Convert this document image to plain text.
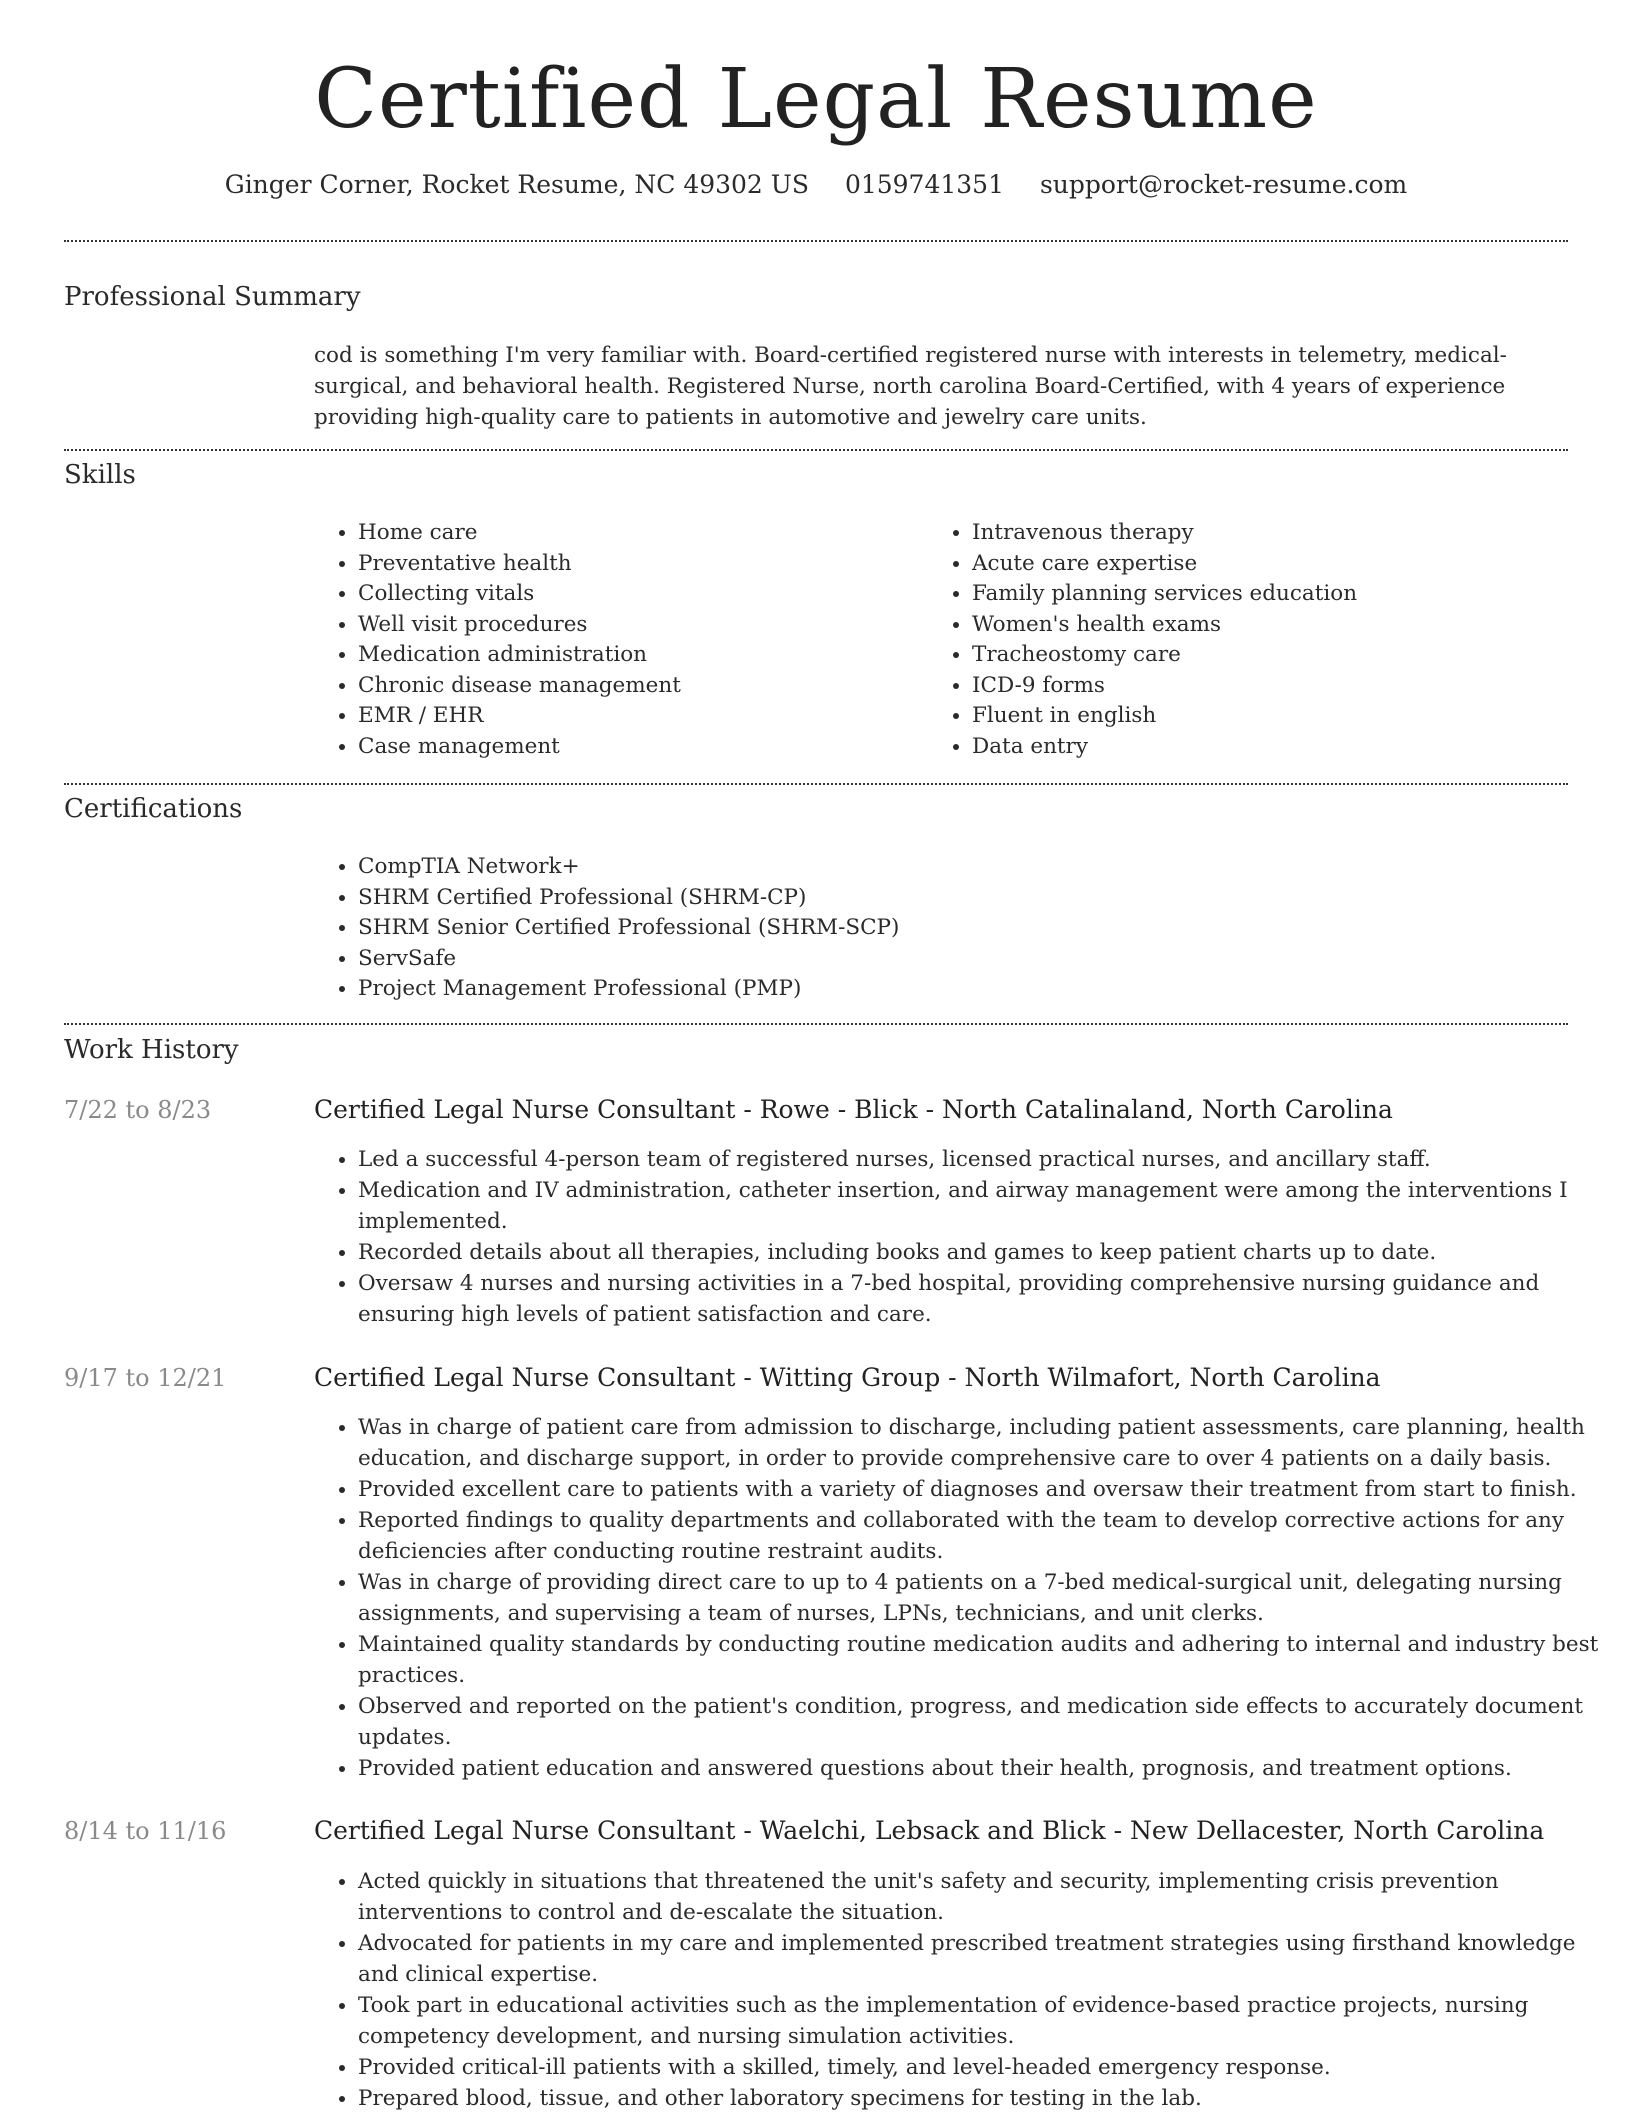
Certified Legal Resume
Ginger Corner, Rocket Resume, NC 49302 US 0159741351 support@rocket-resume.com
Professional Summary

cod is something I'm very familiar with. Board-certified registered nurse with interests in telemetry, medical-surgical, and behavioral health. Registered Nurse, north carolina Board-Certified, with 4 years of experience providing high-quality care to patients in automotive and jewelry care units.

Skills
• Home care
• Preventative health
• Collecting vitals
• Well visit procedures
• Medication administration
• Chronic disease management
• EMR / EHR
• Case management
• Intravenous therapy
• Acute care expertise
• Family planning services education
• Women's health exams
• Tracheostomy care
• ICD-9 forms
• Fluent in english
• Data entry
Certifications
• CompTIA Network+
• SHRM Certified Professional (SHRM-CP)
• SHRM Senior Certified Professional (SHRM-SCP)
• ServSafe
• Project Management Professional (PMP)
Work History
7/22 to 8/23	Certified Legal Nurse Consultant - Rowe - Blick - North Catalinaland, North Carolina
• Led a successful 4-person team of registered nurses, licensed practical nurses, and ancillary staff.
• Medication and IV administration, catheter insertion, and airway management were among the interventions I implemented.
• Recorded details about all therapies, including books and games to keep patient charts up to date.
• Oversaw 4 nurses and nursing activities in a 7-bed hospital, providing comprehensive nursing guidance and ensuring high levels of patient satisfaction and care.
9/17 to 12/21	Certified Legal Nurse Consultant - Witting Group - North Wilmafort, North Carolina
• Was in charge of patient care from admission to discharge, including patient assessments, care planning, health education, and discharge support, in order to provide comprehensive care to over 4 patients on a daily basis.
• Provided excellent care to patients with a variety of diagnoses and oversaw their treatment from start to finish.
• Reported findings to quality departments and collaborated with the team to develop corrective actions for any deficiencies after conducting routine restraint audits.
• Was in charge of providing direct care to up to 4 patients on a 7-bed medical-surgical unit, delegating nursing assignments, and supervising a team of nurses, LPNs, technicians, and unit clerks.
• Maintained quality standards by conducting routine medication audits and adhering to internal and industry best practices.
• Observed and reported on the patient's condition, progress, and medication side effects to accurately document updates.
• Provided patient education and answered questions about their health, prognosis, and treatment options.
8/14 to 11/16	Certified Legal Nurse Consultant - Waelchi, Lebsack and Blick - New Dellacester, North Carolina
• Acted quickly in situations that threatened the unit's safety and security, implementing crisis prevention interventions to control and de-escalate the situation.
• Advocated for patients in my care and implemented prescribed treatment strategies using firsthand knowledge and clinical expertise.
• Took part in educational activities such as the implementation of evidence-based practice projects, nursing competency development, and nursing simulation activities.
• Provided critical-ill patients with a skilled, timely, and level-headed emergency response.
• Prepared blood, tissue, and other laboratory specimens for testing in the lab.
